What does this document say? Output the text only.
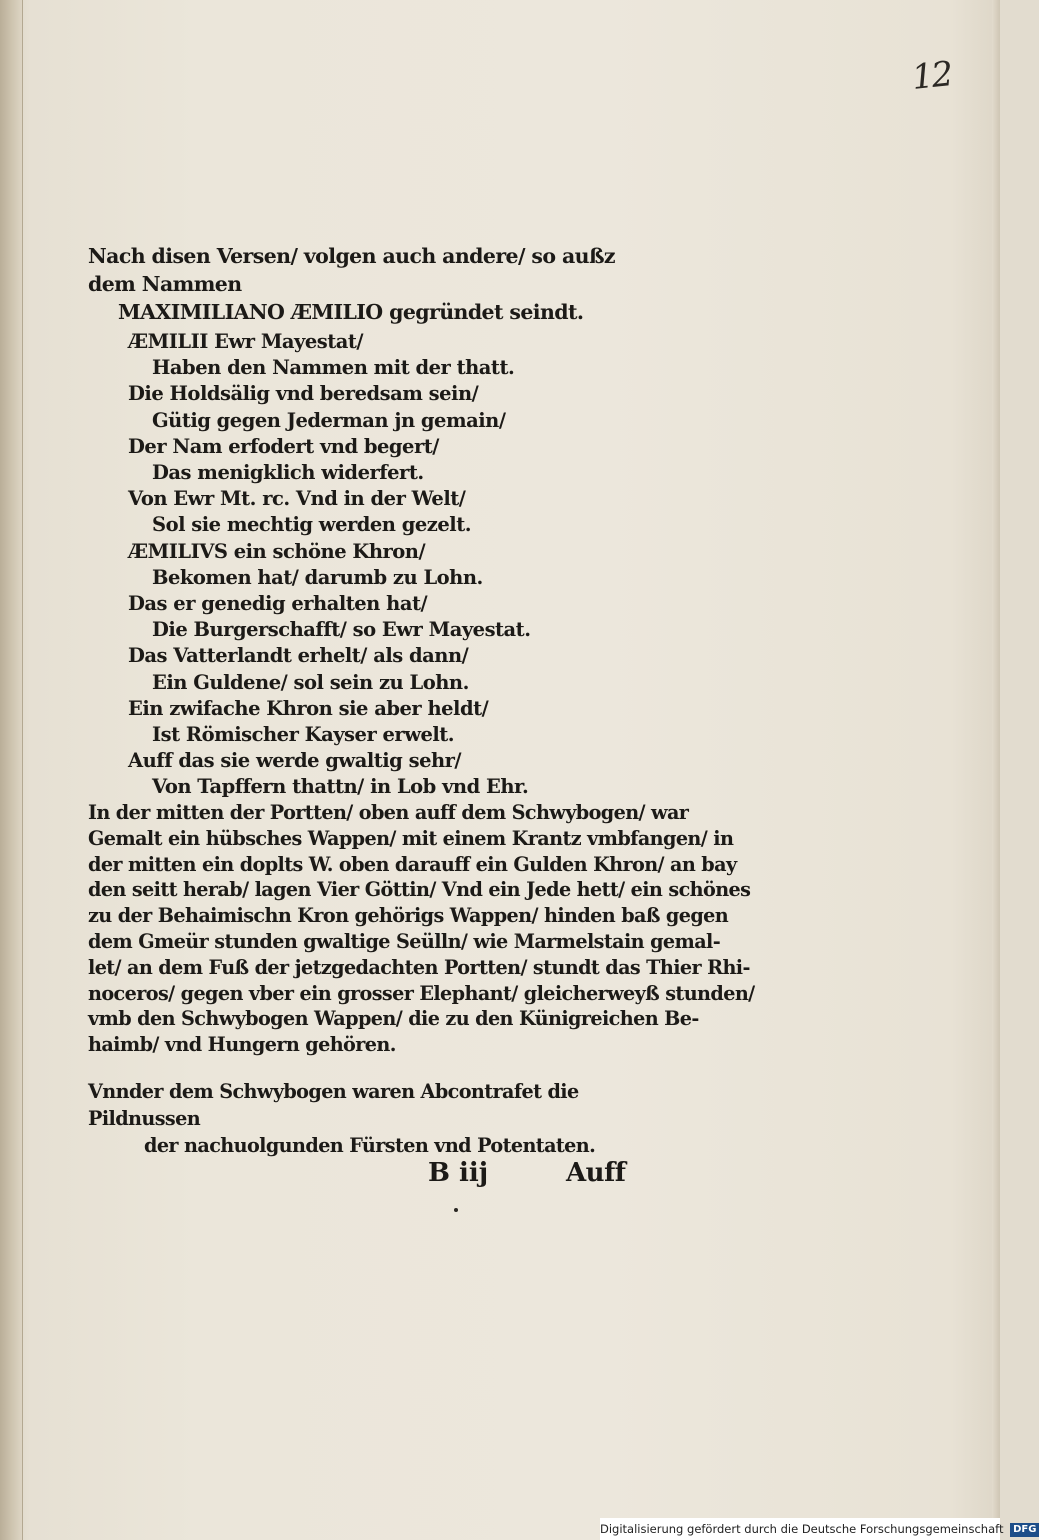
12
Nach disen Versen/ volgen auch andere/ so außz dem Nammen
MAXIMILIANO ÆMILIO gegründet seindt.
ÆMILII Ewr Mayestat/
Haben den Nammen mit der thatt.
Die Holdsälig vnd beredsam sein/
Gütig gegen Jederman jn gemain/
Der Nam erfodert vnd begert/
Das menigklich widerfert.
Von Ewr Mt. rc. Vnd in der Welt/
Sol sie mechtig werden gezelt.
ÆMILIVS ein schöne Khron/
Bekomen hat/ darumb zu Lohn.
Das er genedig erhalten hat/
Die Burgerschafft/ so Ewr Mayestat.
Das Vatterlandt erhelt/ als dann/
Ein Guldene/ sol sein zu Lohn.
Ein zwifache Khron sie aber heldt/
Ist Römischer Kayser erwelt.
Auff das sie werde gwaltig sehr/
Von Tapffern thattn/ in Lob vnd Ehr.
In der mitten der Portten/ oben auff dem Schwybogen/ war
Gemalt ein hübsches Wappen/ mit einem Krantz vmbfangen/ in
der mitten ein doplts W. oben darauff ein Gulden Khron/ an bay
den seitt herab/ lagen Vier Göttin/ Vnd ein Jede hett/ ein schönes
zu der Behaimischn Kron gehörigs Wappen/ hinden baß gegen
dem Gmeür stunden gwaltige Seülln/ wie Marmelstain gemal-
let/ an dem Fuß der jetzgedachten Portten/ stundt das Thier Rhi-
noceros/ gegen vber ein grosser Elephant/ gleicherweyß stunden/
vmb den Schwybogen Wappen/ die zu den Künigreichen Be-
haimb/ vnd Hungern gehören.
Vnnder dem Schwybogen waren Abcontrafet die Pildnussen
der nachuolgunden Fürsten vnd Potentaten.
B iij	Auff
Digitalisierung gefördert durch die Deutsche Forschungsgemeinschaft DFG
